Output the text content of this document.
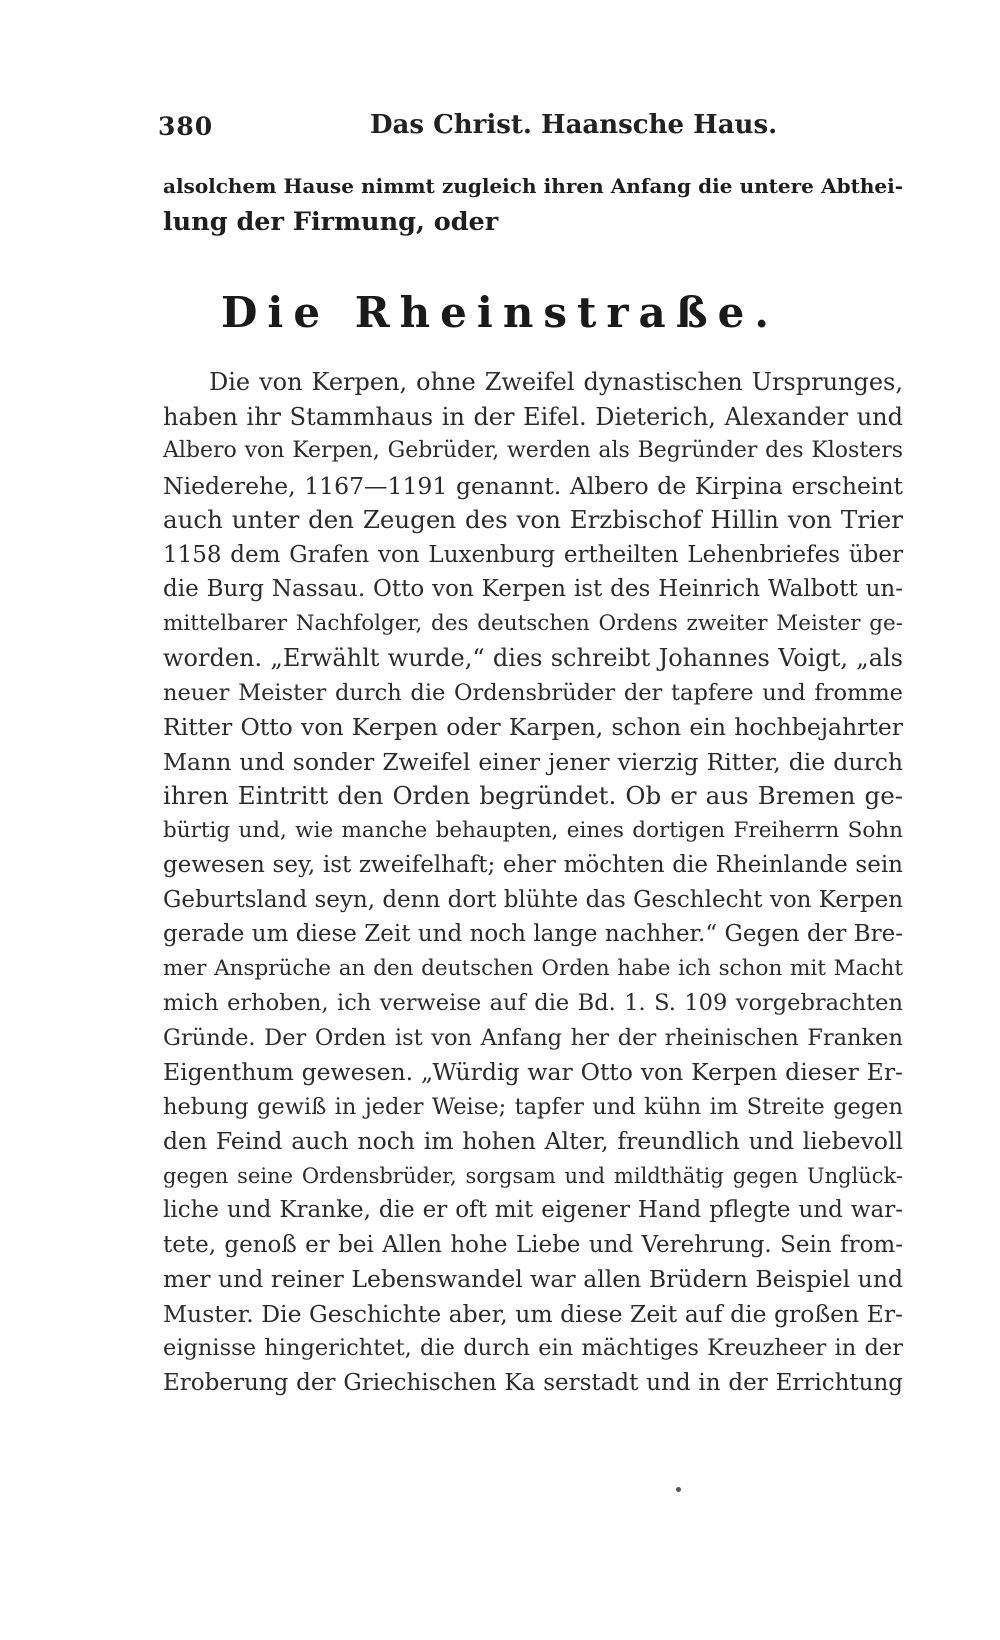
380	Das Christ. Haansche Haus.
alsolchem Hause nimmt zugleich ihren Anfang die untere Abthei-
lung der Firmung, oder
Die Rheinstraße.
Die von Kerpen, ohne Zweifel dynastischen Ursprunges,
haben ihr Stammhaus in der Eifel. Dieterich, Alexander und
Albero von Kerpen, Gebrüder, werden als Begründer des Klosters
Niederehe, 1167—1191 genannt. Albero de Kirpina erscheint
auch unter den Zeugen des von Erzbischof Hillin von Trier
1158 dem Grafen von Luxenburg ertheilten Lehenbriefes über
die Burg Nassau. Otto von Kerpen ist des Heinrich Walbott un-
mittelbarer Nachfolger, des deutschen Ordens zweiter Meister ge-
worden. „Erwählt wurde,“ dies schreibt Johannes Voigt, „als
neuer Meister durch die Ordensbrüder der tapfere und fromme
Ritter Otto von Kerpen oder Karpen, schon ein hochbejahrter
Mann und sonder Zweifel einer jener vierzig Ritter, die durch
ihren Eintritt den Orden begründet. Ob er aus Bremen ge-
bürtig und, wie manche behaupten, eines dortigen Freiherrn Sohn
gewesen sey, ist zweifelhaft; eher möchten die Rheinlande sein
Geburtsland seyn, denn dort blühte das Geschlecht von Kerpen
gerade um diese Zeit und noch lange nachher.“ Gegen der Bre-
mer Ansprüche an den deutschen Orden habe ich schon mit Macht
mich erhoben, ich verweise auf die Bd. 1. S. 109 vorgebrachten
Gründe. Der Orden ist von Anfang her der rheinischen Franken
Eigenthum gewesen. „Würdig war Otto von Kerpen dieser Er-
hebung gewiß in jeder Weise; tapfer und kühn im Streite gegen
den Feind auch noch im hohen Alter, freundlich und liebevoll
gegen seine Ordensbrüder, sorgsam und mildthätig gegen Unglück-
liche und Kranke, die er oft mit eigener Hand pflegte und war-
tete, genoß er bei Allen hohe Liebe und Verehrung. Sein from-
mer und reiner Lebenswandel war allen Brüdern Beispiel und
Muster. Die Geschichte aber, um diese Zeit auf die großen Er-
eignisse hingerichtet, die durch ein mächtiges Kreuzheer in der
Eroberung der Griechischen Ka serstadt und in der Errichtung
